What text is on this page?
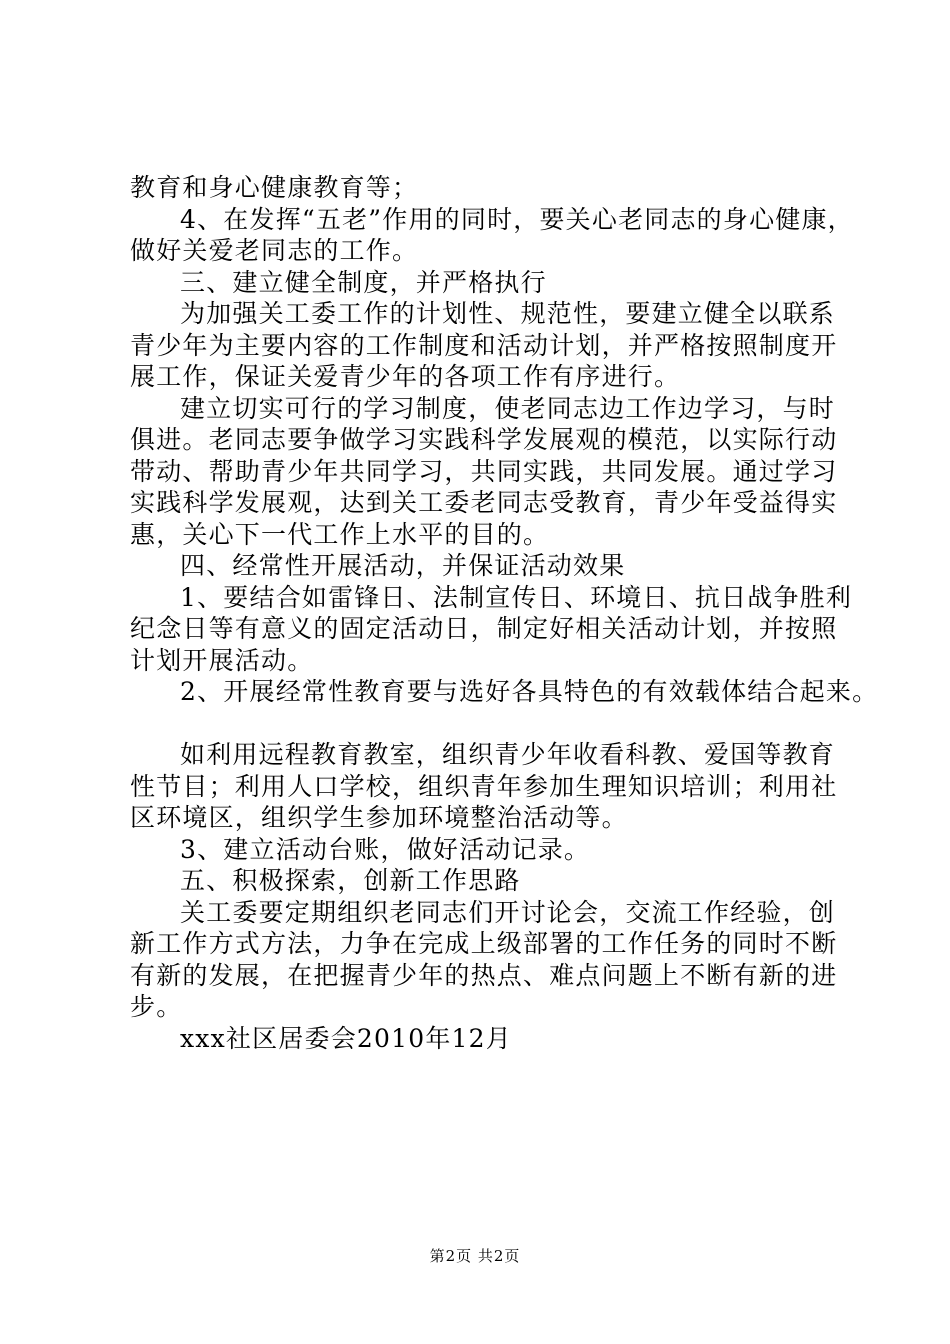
教育和身心健康教育等；
4、在发挥“五老”作用的同时，要关心老同志的身心健康，
做好关爱老同志的工作。
三、建立健全制度，并严格执行
为加强关工委工作的计划性、规范性，要建立健全以联系
青少年为主要内容的工作制度和活动计划，并严格按照制度开
展工作，保证关爱青少年的各项工作有序进行。
建立切实可行的学习制度，使老同志边工作边学习，与时
俱进。老同志要争做学习实践科学发展观的模范，以实际行动
带动、帮助青少年共同学习，共同实践，共同发展。通过学习
实践科学发展观，达到关工委老同志受教育，青少年受益得实
惠，关心下一代工作上水平的目的。
四、经常性开展活动，并保证活动效果
1、要结合如雷锋日、法制宣传日、环境日、抗日战争胜利
纪念日等有意义的固定活动日，制定好相关活动计划，并按照
计划开展活动。
2、开展经常性教育要与选好各具特色的有效载体结合起来。
如利用远程教育教室，组织青少年收看科教、爱国等教育
性节目；利用人口学校，组织青年参加生理知识培训；利用社
区环境区，组织学生参加环境整治活动等。
3、建立活动台账，做好活动记录。
五、积极探索，创新工作思路
关工委要定期组织老同志们开讨论会，交流工作经验，创
新工作方式方法，力争在完成上级部署的工作任务的同时不断
有新的发展，在把握青少年的热点、难点问题上不断有新的进
步。
xxx社区居委会2010年12月
第2页 共2页
